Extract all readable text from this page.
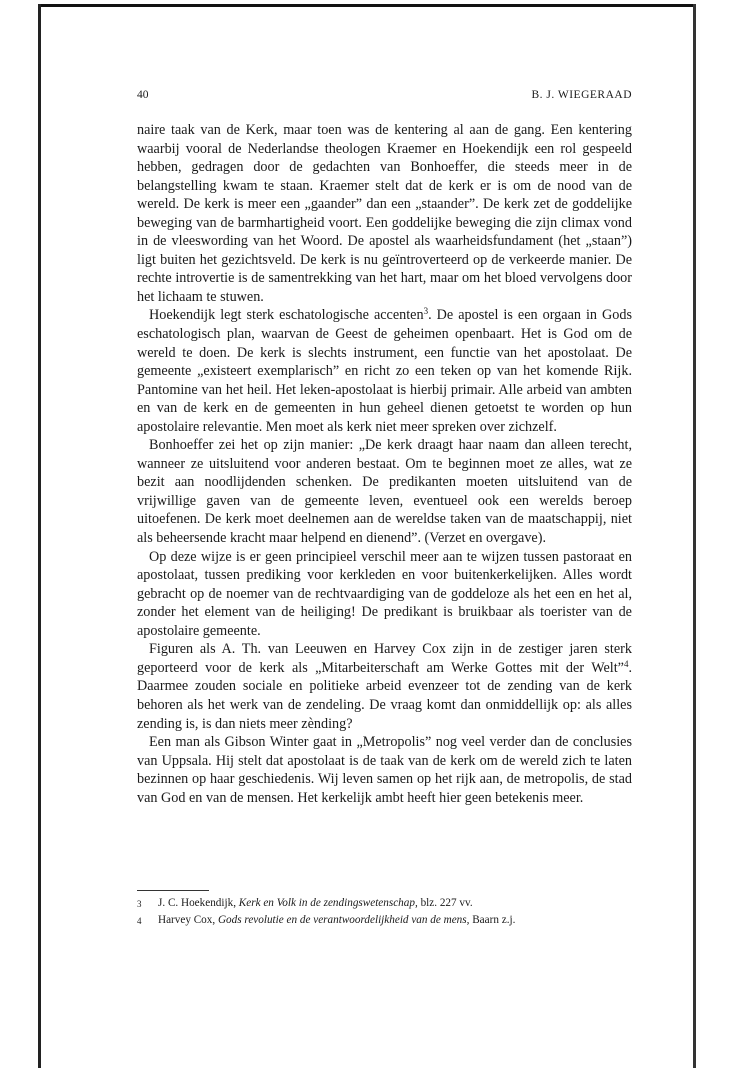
40	B. J. WIEGERAAD

naire taak van de Kerk, maar toen was de kentering al aan de gang. Een kentering waarbij vooral de Nederlandse theologen Kraemer en Hoekendijk een rol gespeeld hebben, gedragen door de gedachten van Bonhoeffer, die steeds meer in de belangstelling kwam te staan. Kraemer stelt dat de kerk er is om de nood van de wereld. De kerk is meer een „gaander” dan een „staander”. De kerk zet de goddelijke beweging van de barmhartigheid voort. Een goddelijke beweging die zijn climax vond in de vleeswording van het Woord. De apostel als waarheidsfundament (het „staan”) ligt buiten het gezichtsveld. De kerk is nu geïntroverteerd op de verkeerde manier. De rechte introvertie is de samentrekking van het hart, maar om het bloed vervolgens door het lichaam te stuwen.

Hoekendijk legt sterk eschatologische accenten$^3$. De apostel is een orgaan in Gods eschatologisch plan, waarvan de Geest de geheimen openbaart. Het is God om de wereld te doen. De kerk is slechts instrument, een functie van het apostolaat. De gemeente „existeert exemplarisch” en richt zo een teken op van het komende Rijk. Pantomine van het heil. Het leken-apostolaat is hierbij primair. Alle arbeid van ambten en van de kerk en de gemeenten in hun geheel dienen getoetst te worden op hun apostolaire relevantie. Men moet als kerk niet meer spreken over zichzelf.

Bonhoeffer zei het op zijn manier: „De kerk draagt haar naam dan alleen terecht, wanneer ze uitsluitend voor anderen bestaat. Om te beginnen moet ze alles, wat ze bezit aan noodlijdenden schenken. De predikanten moeten uitsluitend van de vrijwillige gaven van de gemeente leven, eventueel ook een werelds beroep uitoefenen. De kerk moet deelnemen aan de wereldse taken van de maatschappij, niet als beheersende kracht maar helpend en dienend”. (Verzet en overgave).

Op deze wijze is er geen principieel verschil meer aan te wijzen tussen pastoraat en apostolaat, tussen prediking voor kerkleden en voor buitenkerkelijken. Alles wordt gebracht op de noemer van de rechtvaardiging van de goddeloze als het een en het al, zonder het element van de heiliging! De predikant is bruikbaar als toerister van de apostolaire gemeente.

Figuren als A. Th. van Leeuwen en Harvey Cox zijn in de zestiger jaren sterk geporteerd voor de kerk als „Mitarbeiterschaft am Werke Gottes mit der Welt”$^4$. Daarmee zouden sociale en politieke arbeid evenzeer tot de zending van de kerk behoren als het werk van de zendeling. De vraag komt dan onmiddellijk op: als alles zending is, is dan niets meer zènding?

Een man als Gibson Winter gaat in „Metropolis” nog veel verder dan de conclusies van Uppsala. Hij stelt dat apostolaat is de taak van de kerk om de wereld zich te laten bezinnen op haar geschiedenis. Wij leven samen op het rijk aan, de metropolis, de stad van God en van de mensen. Het kerkelijk ambt heeft hier geen betekenis meer.

3	J. C. Hoekendijk, Kerk en Volk in de zendingswetenschap, blz. 227 vv.
4	Harvey Cox, Gods revolutie en de verantwoordelijkheid van de mens, Baarn z.j.
